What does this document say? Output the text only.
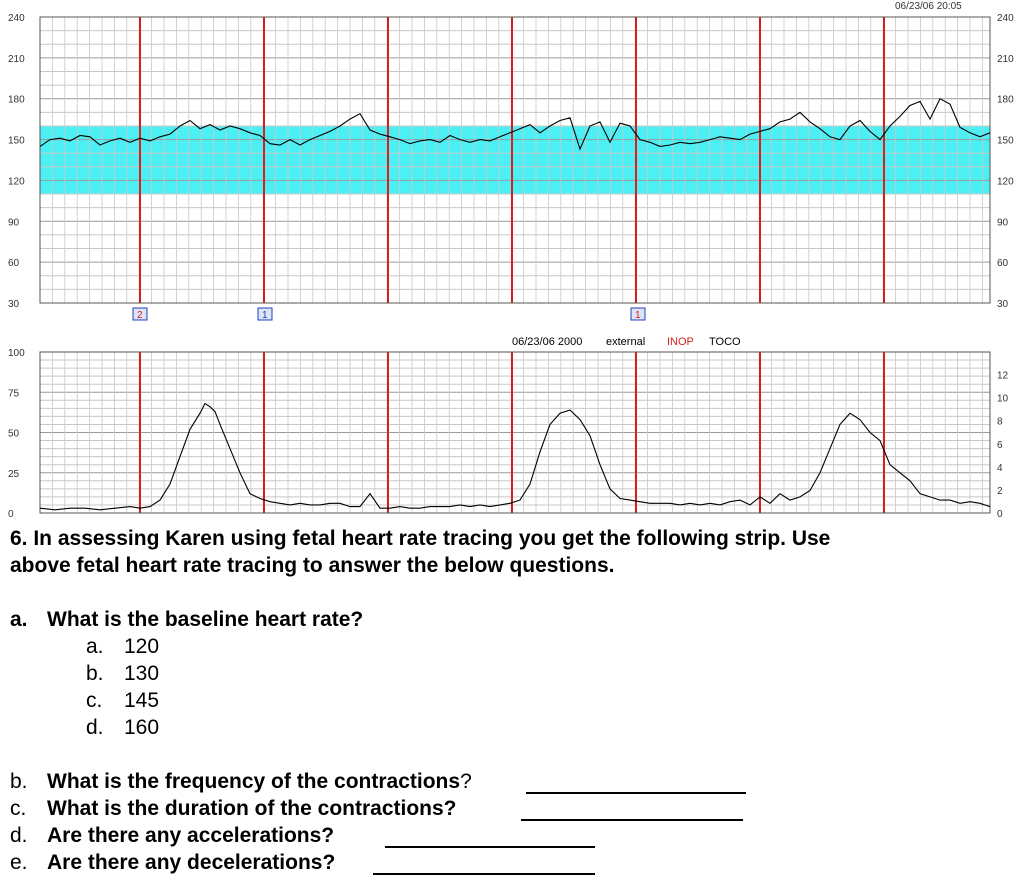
240
210
180
150
120
90
60
30
240
210
180
150
120
90
60
30
2	1	1
100
75
50
25
0
12
10
8
6
4
2
0
06/23/06 2000 external INOP TOCO
06/23/06 20:05
6. In assessing Karen using fetal heart rate tracing you get the following strip. Use
above fetal heart rate tracing to answer the below questions.
a. What is the baseline heart rate?
a. 120
b. 130
c. 145
d. 160
b. What is the frequency of the contractions?
c. What is the duration of the contractions?
d. Are there any accelerations?
e. Are there any decelerations?
